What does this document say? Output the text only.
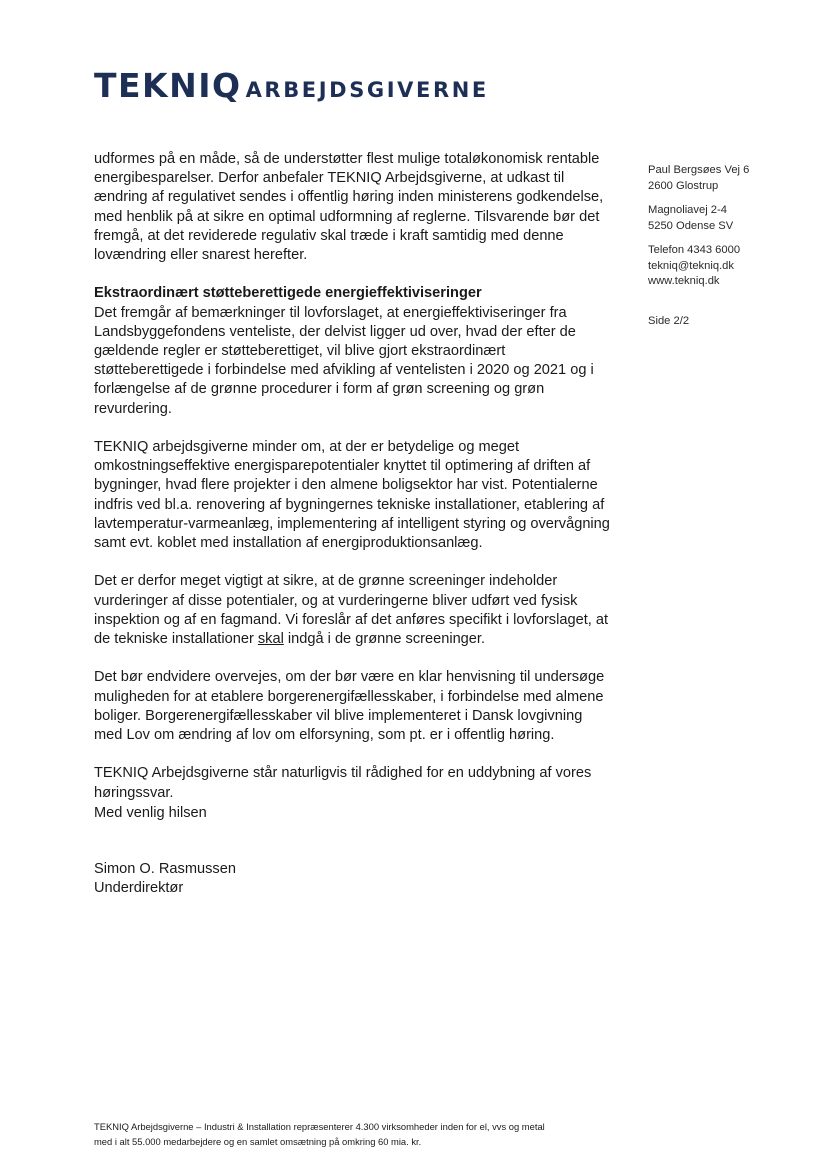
TEKNIQ ARBEJDSGIVERNE

udformes på en måde, så de understøtter flest mulige totaløkonomisk rentable energibesparelser. Derfor anbefaler TEKNIQ Arbejdsgiverne, at udkast til ændring af regulativet sendes i offentlig høring inden ministerens godkendelse, med henblik på at sikre en optimal udformning af reglerne. Tilsvarende bør det fremgå, at det reviderede regulativ skal træde i kraft samtidig med denne lovændring eller snarest herefter.

Ekstraordinært støtteberettigede energieffektiviseringer
Det fremgår af bemærkninger til lovforslaget, at energieffektiviseringer fra Landsbyggefondens venteliste, der delvist ligger ud over, hvad der efter de gældende regler er støtteberettiget, vil blive gjort ekstraordinært støtteberettigede i forbindelse med afvikling af ventelisten i 2020 og 2021 og i forlængelse af de grønne procedurer i form af grøn screening og grøn revurdering.

TEKNIQ arbejdsgiverne minder om, at der er betydelige og meget omkostningseffektive energisparepotentialer knyttet til optimering af driften af bygninger, hvad flere projekter i den almene boligsektor har vist. Potentialerne indfris ved bl.a. renovering af bygningernes tekniske installationer, etablering af lavtemperatur-varmeanlæg, implementering af intelligent styring og overvågning samt evt. koblet med installation af energiproduktionsanlæg.

Det er derfor meget vigtigt at sikre, at de grønne screeninger indeholder vurderinger af disse potentialer, og at vurderingerne bliver udført ved fysisk inspektion og af en fagmand. Vi foreslår af det anføres specifikt i lovforslaget, at de tekniske installationer skal indgå i de grønne screeninger.

Det bør endvidere overvejes, om der bør være en klar henvisning til undersøge muligheden for at etablere borgerenergifællesskaber, i forbindelse med almene boliger. Borgerenergifællesskaber vil blive implementeret i Dansk lovgivning med Lov om ændring af lov om elforsyning, som pt. er i offentlig høring.

TEKNIQ Arbejdsgiverne står naturligvis til rådighed for en uddybning af vores høringssvar.

Paul Bergsøes Vej 6
2600 Glostrup
Magnoliavej 2-4
5250 Odense SV
Telefon 4343 6000
tekniq@tekniq.dk
www.tekniq.dk
Side 2/2
Med venlig hilsen
Simon O. Rasmussen
Underdirektør
TEKNIQ Arbejdsgiverne – Industri & Installation repræsenterer 4.300 virksomheder inden for el, vvs og metal
med i alt 55.000 medarbejdere og en samlet omsætning på omkring 60 mia. kr.
